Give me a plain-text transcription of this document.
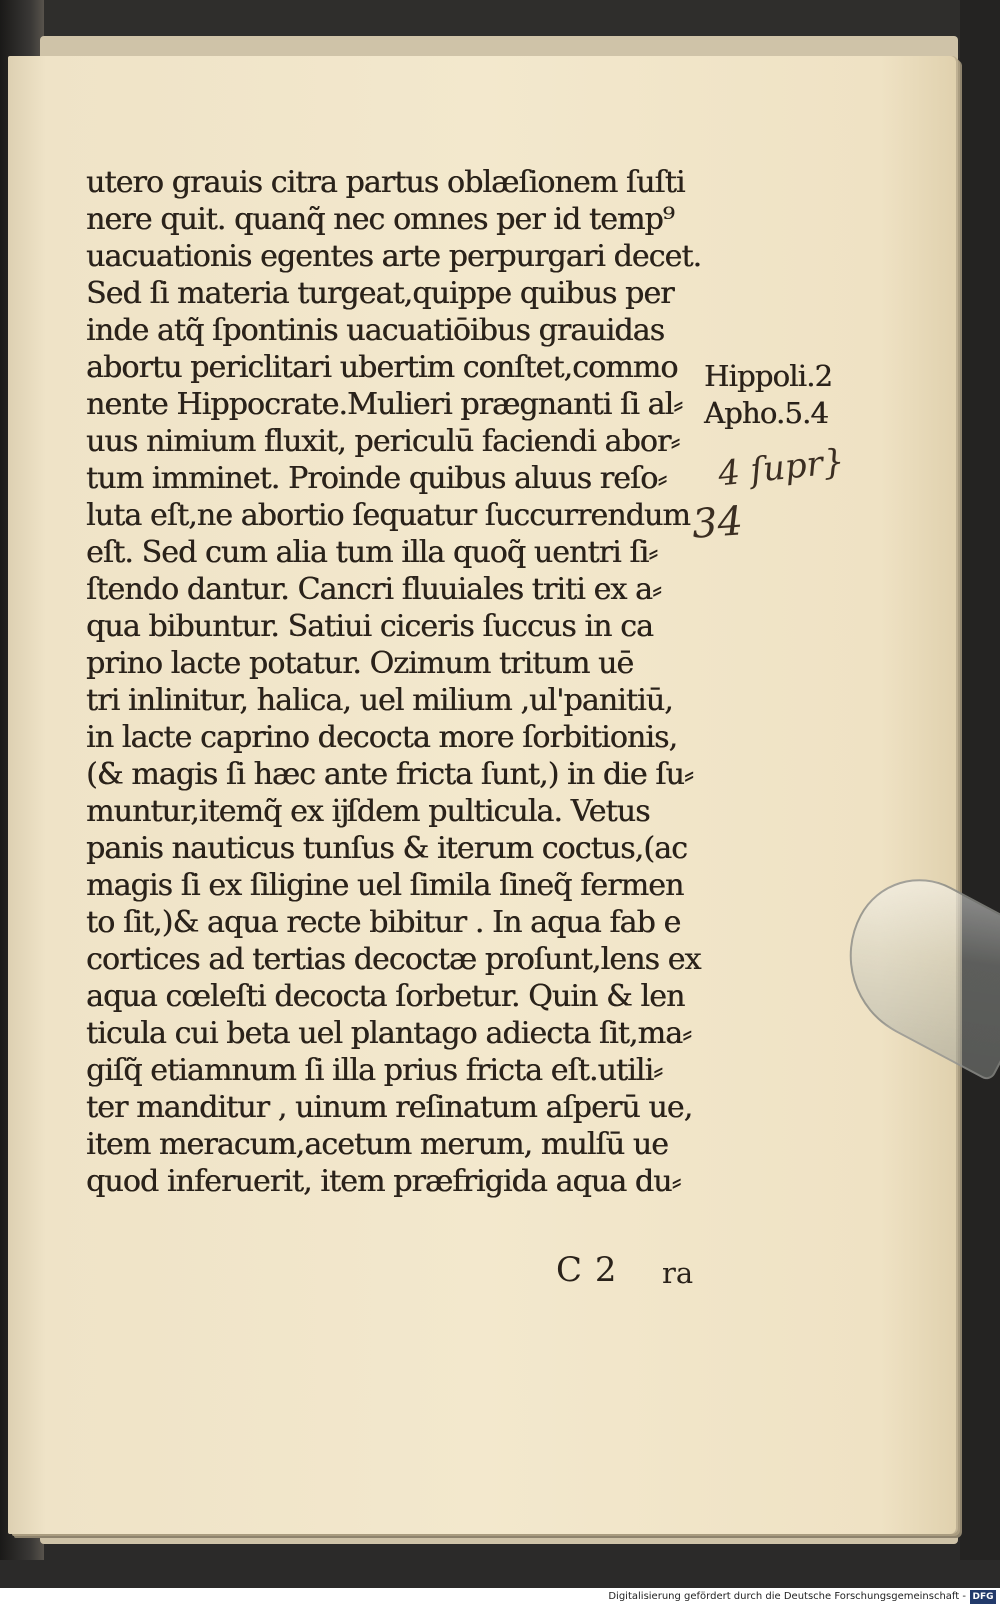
utero grauis citra partus oblæſionem ſuſti
nere quit. quanq̃ nec omnes per id temp⁹
uacuationis egentes arte perpurgari decet.
Sed ſi materia turgeat,quippe quibus per
inde atq̃ ſpontinis uacuatiōibus grauidas
abortu periclitari ubertim conſtet,commo
nente Hippocrate.Mulieri prægnanti ſi al⸗
uus nimium fluxit, periculū faciendi abor⸗
tum imminet. Proinde quibus aluus reſo⸗
luta eſt,ne abortio ſequatur ſuccurrendum
eſt. Sed cum alia tum illa quoq̃ uentri ſi⸗
ſtendo dantur. Cancri fluuiales triti ex a⸗
qua bibuntur. Satiui ciceris ſuccus in ca
prino lacte potatur. Ozimum tritum uē
tri inlinitur, halica, uel milium ,ul'panitiū,
in lacte caprino decocta more ſorbitionis,
(& magis ſi hæc ante fricta ſunt,) in die ſu⸗
muntur,itemq̃ ex ĳſdem pulticula. Vetus
panis nauticus tunſus & iterum coctus,(ac
magis ſi ex ſiligine uel ſimila ſineq̃ fermen
to ſit,)& aqua recte bibitur . In aqua fab e
cortices ad tertias decoctæ proſunt,lens ex
aqua cœleſti decocta ſorbetur. Quin & len
ticula cui beta uel plantago adiecta ſit,ma⸗
giſq̃ etiamnum ſi illa prius fricta eſt.utili⸗
ter manditur , uinum reſinatum aſperū ue,
item meracum,acetum merum, mulſū ue
quod inferuerit, item præfrigida aqua du⸗
Hippoli.2
Apho.5.4
4 ſupr}
34
C 2 ra
Digitalisierung gefördert durch die Deutsche Forschungsgemeinschaft - DFG
